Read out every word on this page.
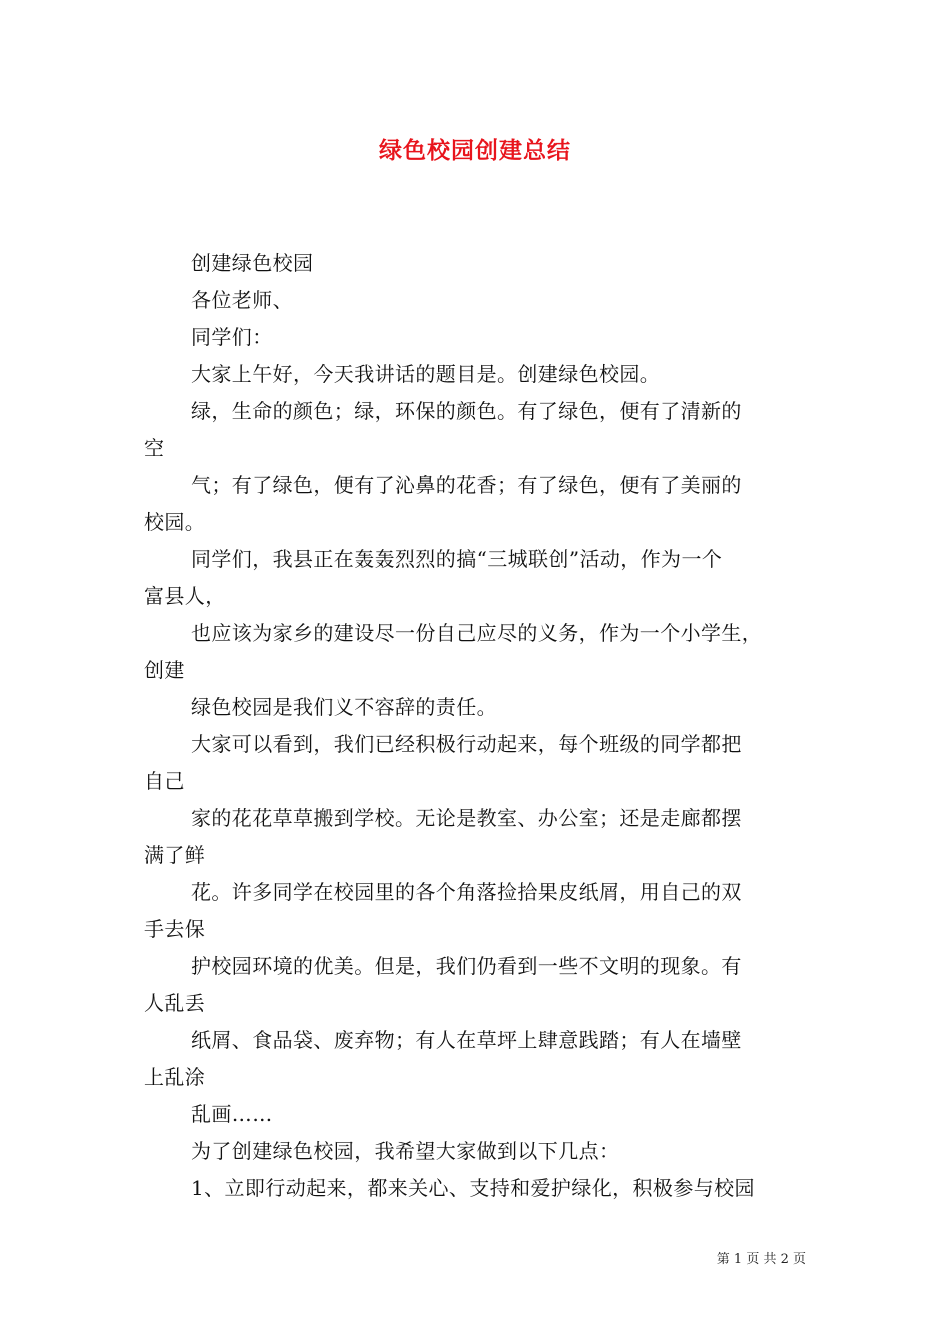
绿色校园创建总结
创建绿色校园
各位老师、
同学们：
大家上午好，今天我讲话的题目是。创建绿色校园。
绿，生命的颜色；绿，环保的颜色。有了绿色，便有了清新的
空
气；有了绿色，便有了沁鼻的花香；有了绿色，便有了美丽的
校园。
同学们，我县正在轰轰烈烈的搞“三城联创”活动，作为一个
富县人，
也应该为家乡的建设尽一份自己应尽的义务，作为一个小学生，
创建
绿色校园是我们义不容辞的责任。
大家可以看到，我们已经积极行动起来，每个班级的同学都把
自己
家的花花草草搬到学校。无论是教室、办公室；还是走廊都摆
满了鲜
花。许多同学在校园里的各个角落捡拾果皮纸屑，用自己的双
手去保
护校园环境的优美。但是，我们仍看到一些不文明的现象。有
人乱丢
纸屑、食品袋、废弃物；有人在草坪上肆意践踏；有人在墙壁
上乱涂
乱画……
为了创建绿色校园，我希望大家做到以下几点：
1、立即行动起来，都来关心、支持和爱护绿化，积极参与校园
第 1 页 共 2 页
